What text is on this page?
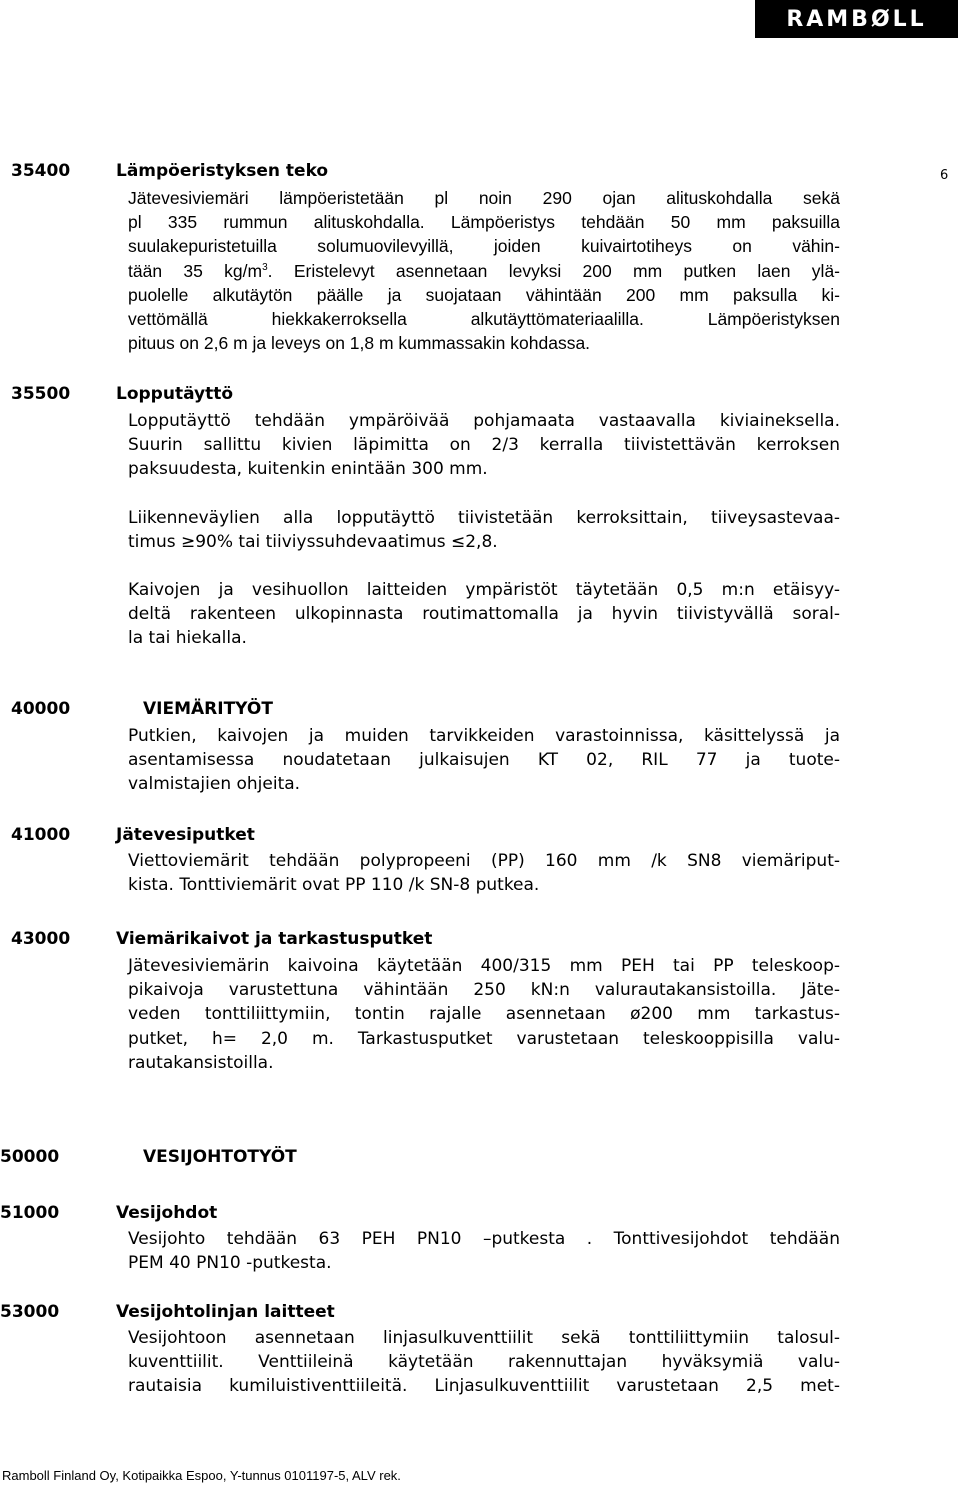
RAMBØLL
6
35400	Lämpöeristyksen teko
Jätevesiviemäri lämpöeristetään pl noin 290 ojan alituskohdalla sekä
pl 335 rummun alituskohdalla. Lämpöeristys tehdään 50 mm paksuilla
suulakepuristetuilla solumuovilevyillä, joiden kuivairtotiheys on vähin-
tään 35 $kg/m^3$. Eristelevyt asennetaan levyksi 200 mm putken laen ylä-
puolelle alkutäytön päälle ja suojataan vähintään 200 mm paksulla ki-
vettömällä hiekkakerroksella alkutäyttömateriaalilla. Lämpöeristyksen
pituus on 2,6 m ja leveys on 1,8 m kummassakin kohdassa.
35500	Lopputäyttö
Lopputäyttö tehdään ympäröivää pohjamaata vastaavalla kiviaineksella.
Suurin sallittu kivien läpimitta on 2/3 kerralla tiivistettävän kerroksen
paksuudesta, kuitenkin enintään 300 mm.
Liikenneväylien alla lopputäyttö tiivistetään kerroksittain, tiiveysastevaa-
timus ≥90% tai tiiviyssuhdevaatimus ≤2,8.
Kaivojen ja vesihuollon laitteiden ympäristöt täytetään 0,5 m:n etäisyy-
deltä rakenteen ulkopinnasta routimattomalla ja hyvin tiivistyvällä soral-
la tai hiekalla.
40000	VIEMÄRITYÖT
Putkien, kaivojen ja muiden tarvikkeiden varastoinnissa, käsittelyssä ja
asentamisessa noudatetaan julkaisujen KT 02, RIL 77 ja tuote-
valmistajien ohjeita.
41000	Jätevesiputket
Viettoviemärit tehdään polypropeeni (PP) 160 mm /k SN8 viemäriput-
kista. Tonttiviemärit ovat PP 110 /k SN-8 putkea.
43000	Viemärikaivot ja tarkastusputket
Jätevesiviemärin kaivoina käytetään 400/315 mm PEH tai PP teleskoop-
pikaivoja varustettuna vähintään 250 kN:n valurautakansistoilla. Jäte-
veden tonttiliittymiin, tontin rajalle asennetaan ø200 mm tarkastus-
putket, h= 2,0 m. Tarkastusputket varustetaan teleskooppisilla valu-
rautakansistoilla.
50000	VESIJOHTOTYÖT
51000	Vesijohdot
Vesijohto tehdään 63 PEH PN10 –putkesta . Tonttivesijohdot tehdään
PEM 40 PN10 -putkesta.
53000	Vesijohtolinjan laitteet
Vesijohtoon asennetaan linjasulkuventtiilit sekä tonttiliittymiin talosul-
kuventtiilit. Venttiileinä käytetään rakennuttajan hyväksymiä valu-
rautaisia kumiluistiventtiileitä. Linjasulkuventtiilit varustetaan 2,5 met-
Ramboll Finland Oy, Kotipaikka Espoo, Y-tunnus 0101197-5, ALV rek.
